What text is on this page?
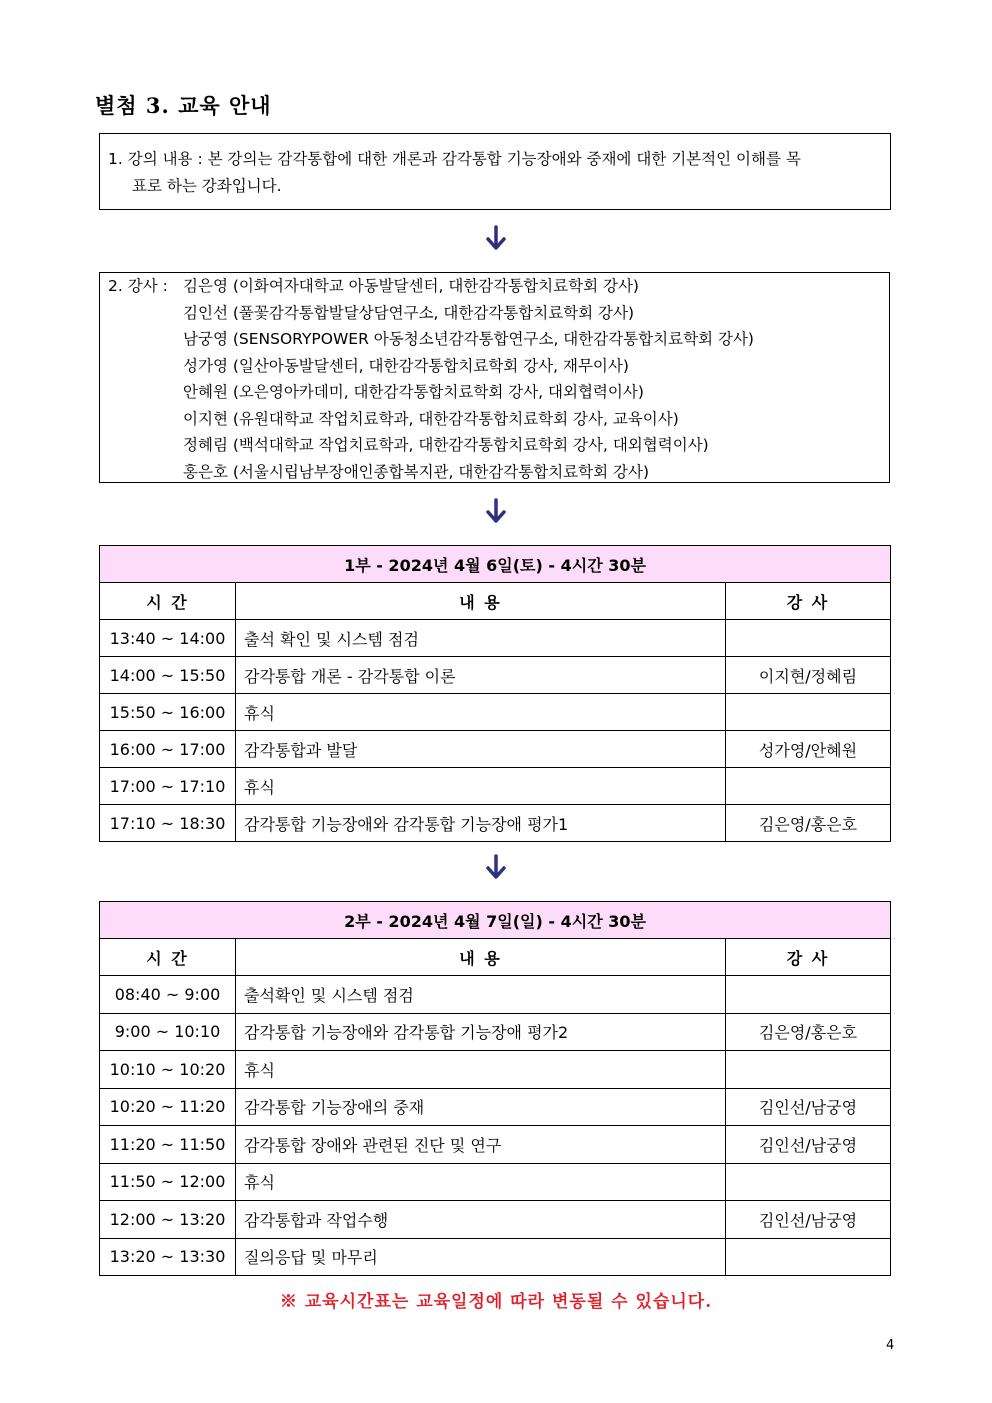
별첨 3. 교육 안내
1. 강의 내용 : 본 강의는 감각통합에 대한 개론과 감각통합 기능장애와 중재에 대한 기본적인 이해를 목
표로 하는 강좌입니다.
2. 강사 : 김은영 (이화여자대학교 아동발달센터, 대한감각통합치료학회 강사)
김인선 (풀꽃감각통합발달상담연구소, 대한감각통합치료학회 강사)
남궁영 (SENSORYPOWER 아동청소년감각통합연구소, 대한감각통합치료학회 강사)
성가영 (일산아동발달센터, 대한감각통합치료학회 강사, 재무이사)
안혜원 (오은영아카데미, 대한감각통합치료학회 강사, 대외협력이사)
이지현 (유원대학교 작업치료학과, 대한감각통합치료학회 강사, 교육이사)
정혜림 (백석대학교 작업치료학과, 대한감각통합치료학회 강사, 대외협력이사)
홍은호 (서울시립남부장애인종합복지관, 대한감각통합치료학회 강사)
1부 - 2024년 4월 6일(토) - 4시간 30분		
시 간	내 용	강 사
13:40 ~ 14:00	출석 확인 및 시스템 점검	
14:00 ~ 15:50	감각통합 개론 - 감각통합 이론	이지현/정혜림
15:50 ~ 16:00	휴식	
16:00 ~ 17:00	감각통합과 발달	성가영/안혜원
17:00 ~ 17:10	휴식	
17:10 ~ 18:30	감각통합 기능장애와 감각통합 기능장애 평가1	김은영/홍은호
2부 - 2024년 4월 7일(일) - 4시간 30분		
시 간	내 용	강 사
08:40 ~ 9:00	출석확인 및 시스템 점검	
9:00 ~ 10:10	감각통합 기능장애와 감각통합 기능장애 평가2	김은영/홍은호
10:10 ~ 10:20	휴식	
10:20 ~ 11:20	감각통합 기능장애의 중재	김인선/남궁영
11:20 ~ 11:50	감각통합 장애와 관련된 진단 및 연구	김인선/남궁영
11:50 ~ 12:00	휴식	
12:00 ~ 13:20	감각통합과 작업수행	김인선/남궁영
13:20 ~ 13:30	질의응답 및 마무리	
※ 교육시간표는 교육일정에 따라 변동될 수 있습니다.
4
